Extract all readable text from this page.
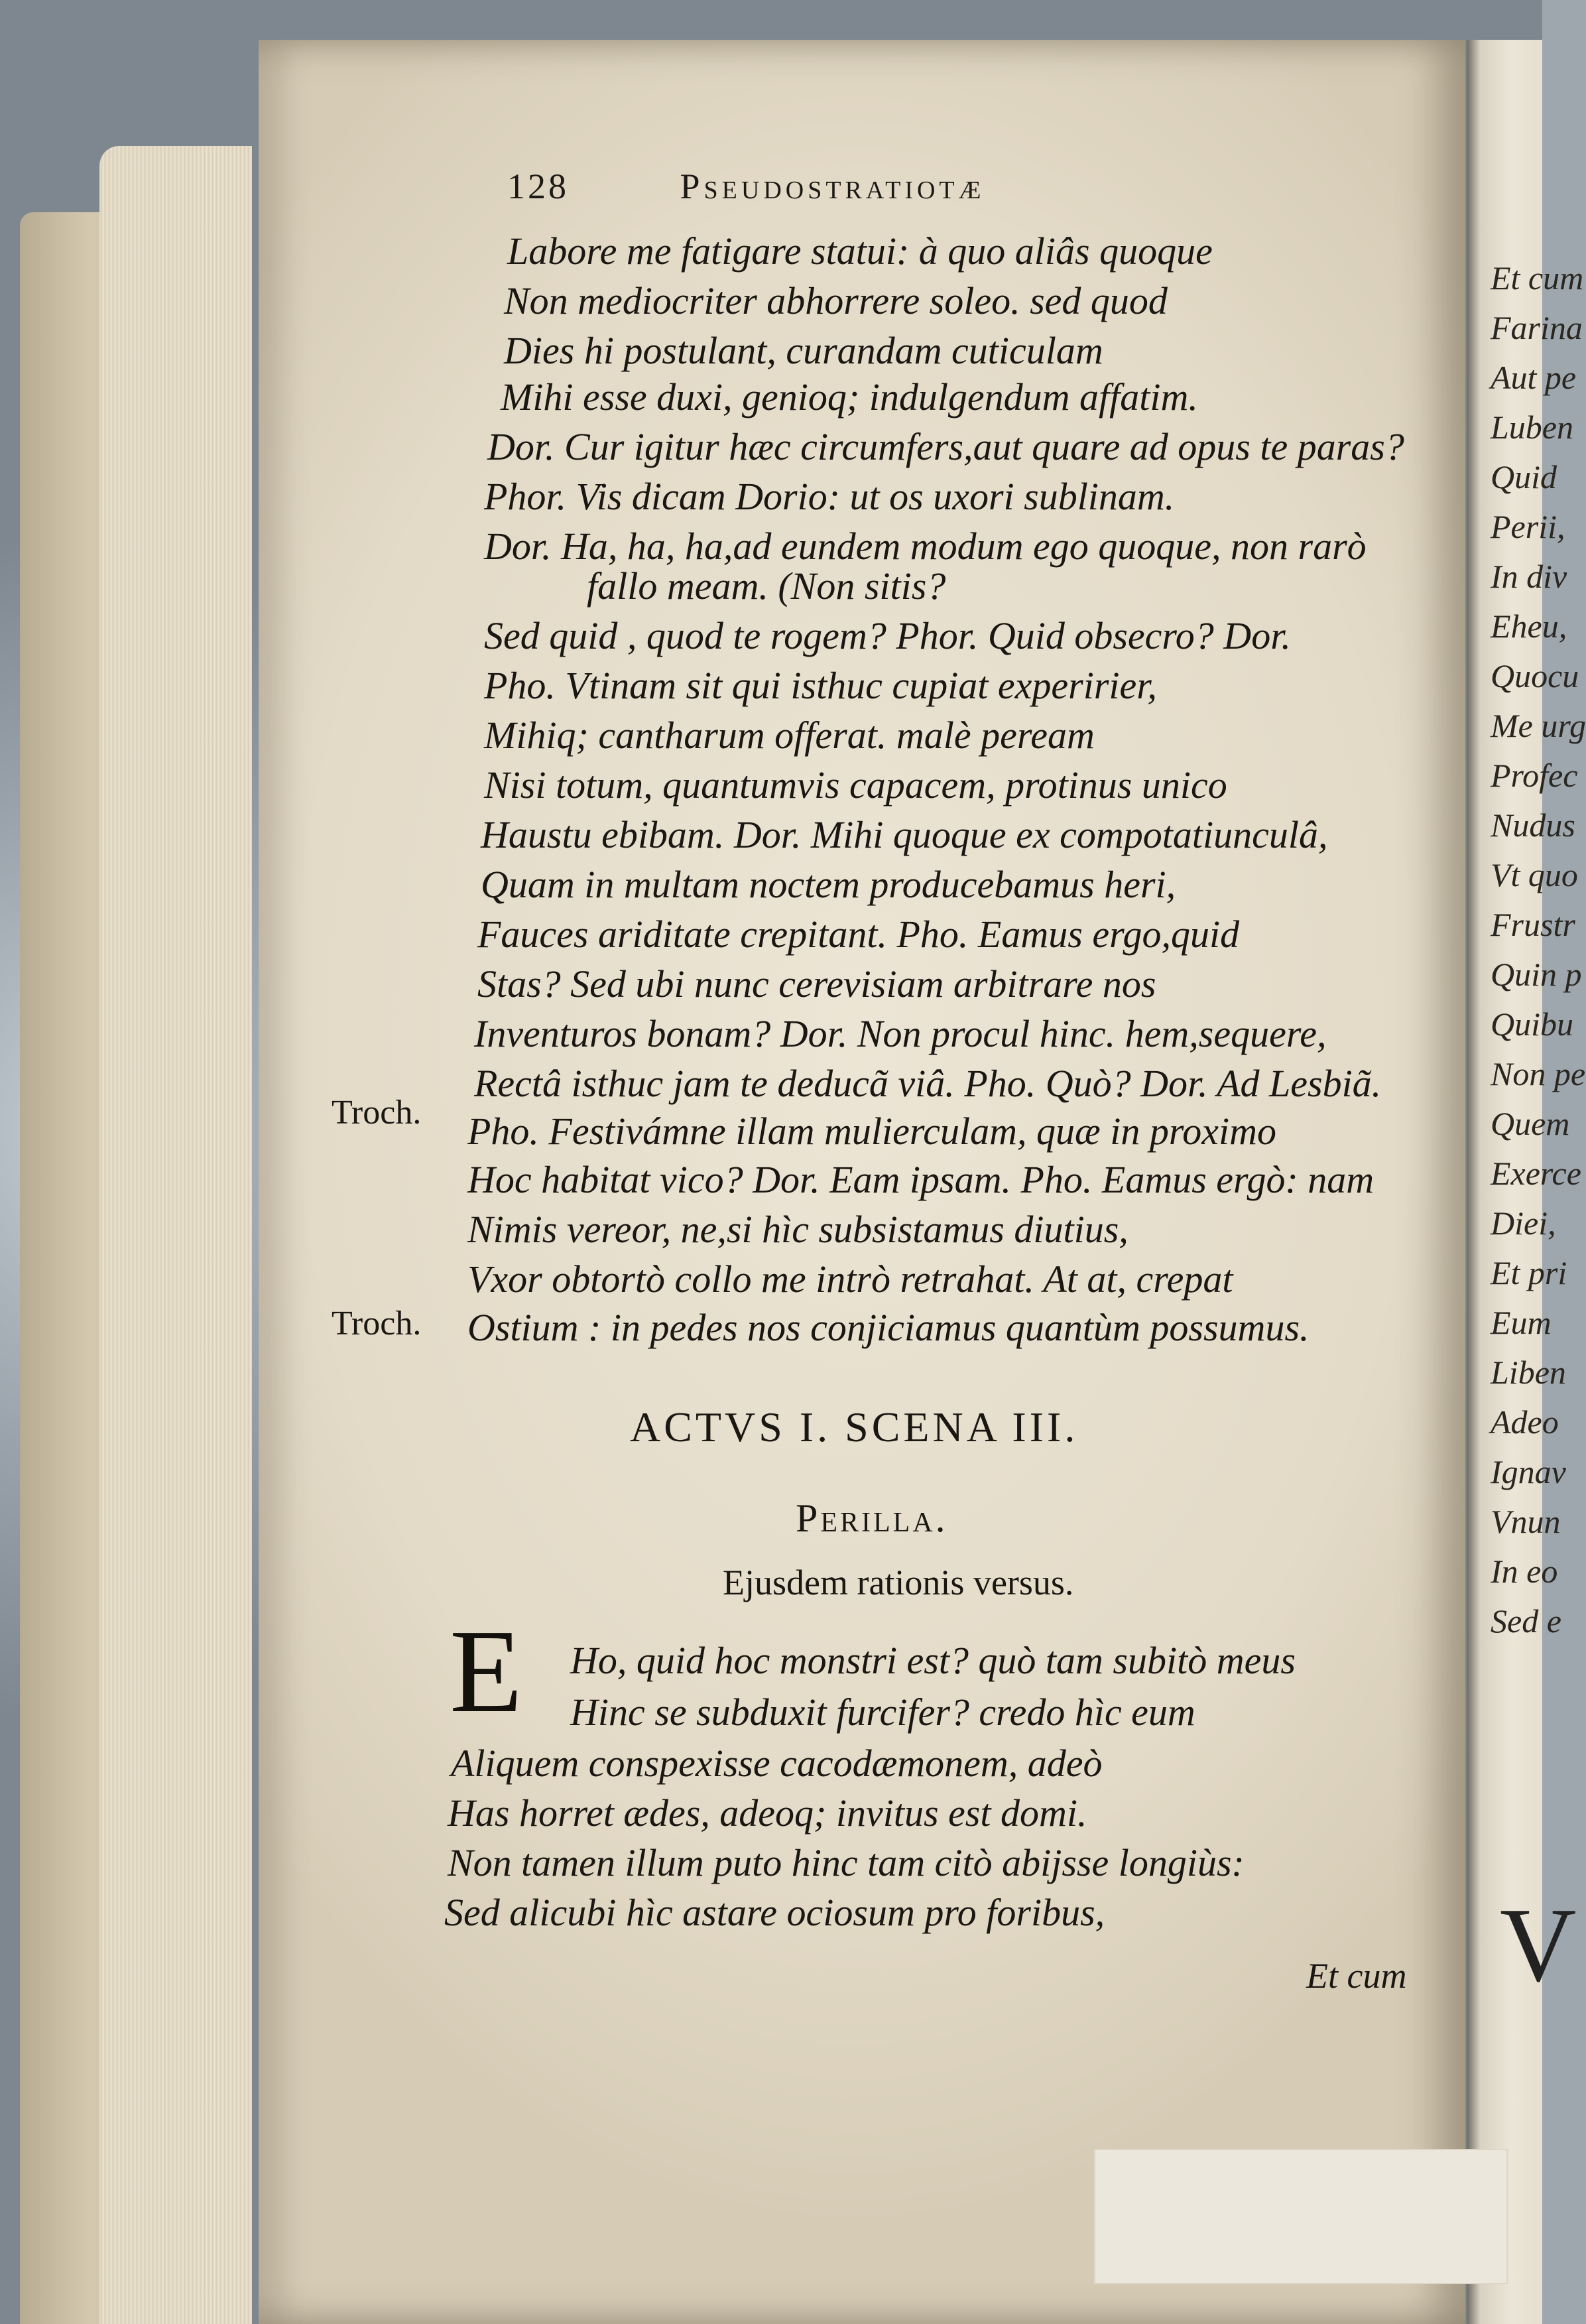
Et cum
Farina
Aut pe
Luben
Quid
Perii,
In div
Eheu,
Quocu
Me urg
Profec
Nudus
Vt quo
Frustr
Quin p
Quibu
Non pe
Quem
Exerce
Diei,
Et pri
Eum
Liben
Adeo
Ignav
Vnun
In eo
Sed e
V
128	Pseudostratiotæ
Labore me fatigare statui: à quo aliâs quoque
Non mediocriter abhorrere soleo. sed quod
Dies hi postulant, curandam cuticulam
Mihi esse duxi, genioq; indulgendum affatim.
Dor. Cur igitur hæc circumfers,aut quare ad opus te paras?
Phor. Vis dicam Dorio: ut os uxori sublinam.
Dor. Ha, ha, ha,ad eundem modum ego quoque, non rarò
fallo meam. (Non sitis?
Sed quid , quod te rogem? Phor. Quid obsecro? Dor.
Pho. Vtinam sit qui isthuc cupiat experirier,
Mihiq; cantharum offerat. malè peream
Nisi totum, quantumvis capacem, protinus unico
Haustu ebibam. Dor. Mihi quoque ex compotatiunculâ,
Quam in multam noctem producebamus heri,
Fauces ariditate crepitant. Pho. Eamus ergo,quid
Stas? Sed ubi nunc cerevisiam arbitrare nos
Inventuros bonam? Dor. Non procul hinc. hem,sequere,
Rectâ isthuc jam te deducã viâ. Pho. Quò? Dor. Ad Lesbiã.
Pho. Festivámne illam mulierculam, quæ in proximo
Hoc habitat vico? Dor. Eam ipsam. Pho. Eamus ergò: nam
Nimis vereor, ne,si hìc subsistamus diutius,
Vxor obtortò collo me intrò retrahat. At at, crepat
Ostium : in pedes nos conjiciamus quantùm possumus.
Troch.
Troch.
ACTVS I. SCENA III.
Perilla.
Ejusdem rationis versus.
E Ho, quid hoc monstri est? quò tam subitò meus
Hinc se subduxit furcifer? credo hìc eum
Aliquem conspexisse cacodæmonem, adeò
Has horret ædes, adeoq; invitus est domi.
Non tamen illum puto hinc tam citò abijsse longiùs:
Sed alicubi hìc astare ociosum pro foribus,
Et cum
